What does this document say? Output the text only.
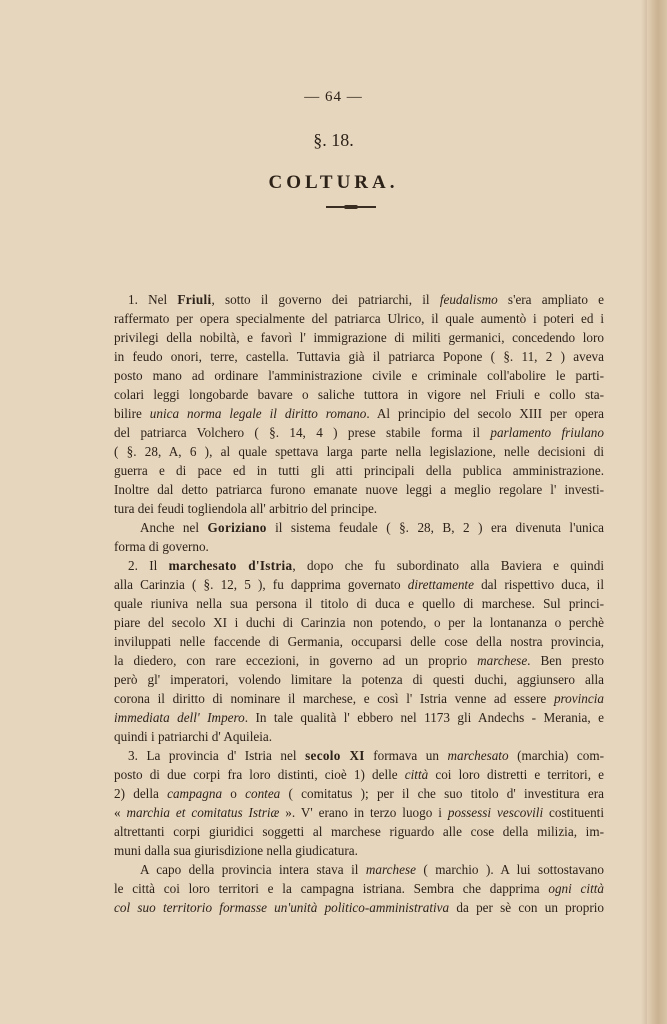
— 64 —
§. 18.
COLTURA.
1. Nel Friuli, sotto il governo dei patriarchi, il feudalismo s'era ampliato e
raffermato per opera specialmente del patriarca Ulrico, il quale aumentò i poteri ed i
privilegi della nobiltà, e favorì l' immigrazione di militi germanici, concedendo loro
in feudo onori, terre, castella. Tuttavia già il patriarca Popone ( §. 11, 2 ) aveva
posto mano ad ordinare l'amministrazione civile e criminale coll'abolire le parti-
colari leggi longobarde bavare o saliche tuttora in vigore nel Friuli e collo sta-
bilire unica norma legale il diritto romano. Al principio del secolo XIII per opera
del patriarca Volchero ( §. 14, 4 ) prese stabile forma il parlamento friulano
( §. 28, A, 6 ), al quale spettava larga parte nella legislazione, nelle decisioni di
guerra e di pace ed in tutti gli atti principali della publica amministrazione.
Inoltre dal detto patriarca furono emanate nuove leggi a meglio regolare l' investi-
tura dei feudi togliendola all' arbitrio del principe.
Anche nel Goriziano il sistema feudale ( §. 28, B, 2 ) era divenuta l'unica
forma di governo.
2. Il marchesato d'Istria, dopo che fu subordinato alla Baviera e quindi
alla Carinzia ( §. 12, 5 ), fu dapprima governato direttamente dal rispettivo duca, il
quale riuniva nella sua persona il titolo di duca e quello di marchese. Sul princi-
piare del secolo XI i duchi di Carinzia non potendo, o per la lontananza o perchè
inviluppati nelle faccende di Germania, occuparsi delle cose della nostra provincia,
la diedero, con rare eccezioni, in governo ad un proprio marchese. Ben presto
però gl' imperatori, volendo limitare la potenza di questi duchi, aggiunsero alla
corona il diritto di nominare il marchese, e così l' Istria venne ad essere provincia
immediata dell' Impero. In tale qualità l' ebbero nel 1173 gli Andechs - Merania, e
quindi i patriarchi d' Aquileia.
3. La provincia d' Istria nel secolo XI formava un marchesato (marchia) com-
posto di due corpi fra loro distinti, cioè 1) delle città coi loro distretti e territori, e
2) della campagna o contea ( comitatus ); per il che suo titolo d' investitura era
« marchia et comitatus Istriæ ». V' erano in terzo luogo i possessi vescovili costituenti
altrettanti corpi giuridici soggetti al marchese riguardo alle cose della milizia, im-
muni dalla sua giurisdizione nella giudicatura.
A capo della provincia intera stava il marchese ( marchio ). A lui sottostavano
le città coi loro territori e la campagna istriana. Sembra che dapprima ogni città
col suo territorio formasse un'unità politico-amministrativa da per sè con un proprio
